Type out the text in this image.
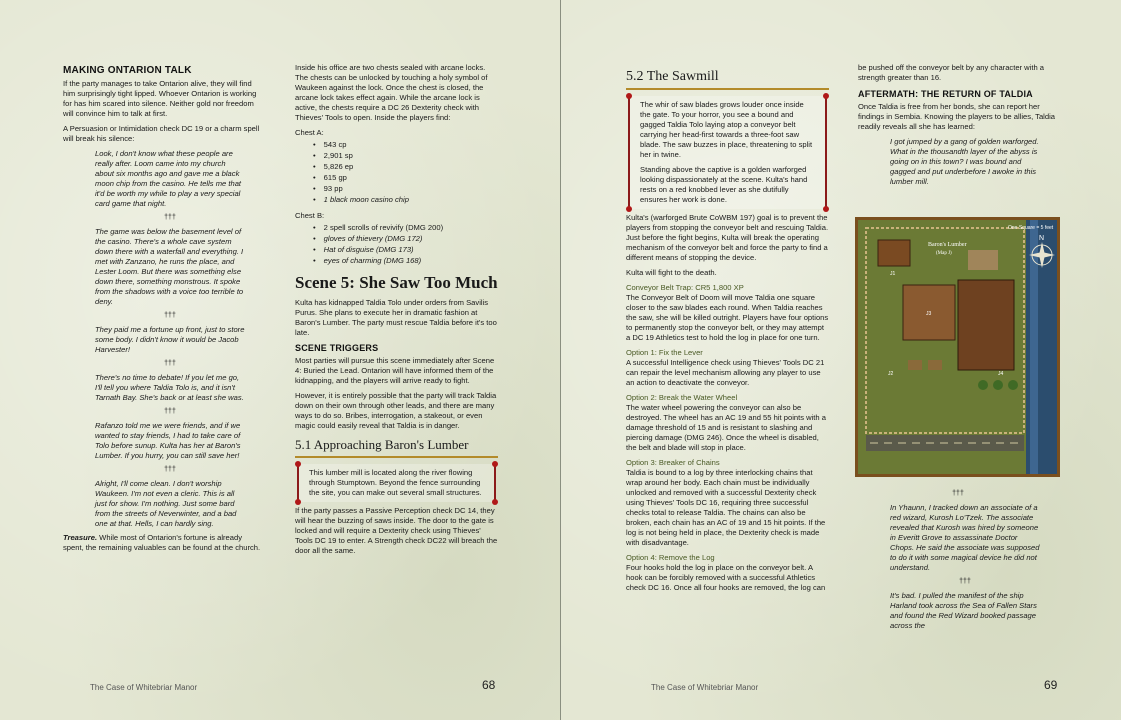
MAKING ONTARION TALK

If the party manages to take Ontarion alive, they will find him surprisingly tight lipped. Whoever Ontarion is working for has him scared into silence. Neither gold nor freedom will convince him to talk at first.

A Persuasion or Intimidation check DC 19 or a charm spell will break his silence:

Look, I don't know what these people are really after. Loom came into my church about six months ago and gave me a black moon chip from the casino. He tells me that it'd be worth my while to play a very special card game that night.

†††

The game was below the basement level of the casino. There's a whole cave system down there with a waterfall and everything. I met with Zanzano, he runs the place, and Lester Loom. But there was something else down there, something monstrous. It spoke from the shadows with a voice too terrible to deny.

†††

They paid me a fortune up front, just to store some body. I didn't know it would be Jacob Harvester!

†††

There's no time to debate! If you let me go, I'll tell you where Taldia Tolo is, and it isn't Tarnath Bay. She's back or at least she was.

†††

Rafanzo told me we were friends, and if we wanted to stay friends, I had to take care of Tolo before sunup. Kulta has her at Baron's Lumber. If you hurry, you can still save her!

†††

Alright, I'll come clean. I don't worship Waukeen. I'm not even a cleric. This is all just for show. I'm nothing. Just some bard from the streets of Neverwinter, and a bad one at that. Hells, I can hardly sing.

Treasure. While most of Ontarion's fortune is already spent, the remaining valuables can be found at the church.

Inside his office are two chests sealed with arcane locks. The chests can be unlocked by touching a holy symbol of Waukeen against the lock. Once the chest is closed, the arcane lock takes effect again. While the arcane lock is active, the chests require a DC 26 Dexterity check with Thieves' Tools to open. Inside the players find:

Chest A:
• 543 cp
• 2,901 sp
• 5,826 ep
• 615 gp
• 93 pp
• 1 black moon casino chip
Chest B:
• 2 spell scrolls of revivify (DMG 200)
• gloves of thievery (DMG 172)
• Hat of disguise (DMG 173)
• eyes of charming (DMG 168)
Scene 5: She Saw Too Much

Kulta has kidnapped Taldia Tolo under orders from Savilis Purus. She plans to execute her in dramatic fashion at Baron's Lumber. The party must rescue Taldia before it's too late.

SCENE TRIGGERS

Most parties will pursue this scene immediately after Scene 4: Buried the Lead. Ontarion will have informed them of the kidnapping, and the players will arrive ready to fight.

However, it is entirely possible that the party will track Taldia down on their own through other leads, and there are many ways to do so. Bribes, interrogation, a stakeout, or even magic could easily reveal that Taldia is in danger.

5.1 Approaching Baron's Lumber

This lumber mill is located along the river flowing through Stumptown. Beyond the fence surrounding the site, you can make out several small structures.

If the party passes a Passive Perception check DC 14, they will hear the buzzing of saws inside. The door to the gate is locked and will require a Dexterity check using Thieves' Tools DC 19 to enter. A Strength check DC22 will breach the door all the same.

The Case of Whitebriar Manor	68
5.2 The Sawmill

The whir of saw blades grows louder once inside the gate. To your horror, you see a bound and gagged Taldia Tolo laying atop a conveyor belt carrying her head-first towards a three-foot saw blade. The saw buzzes in place, threatening to split her in twine.

Standing above the captive is a golden warforged looking dispassionately at the scene. Kulta's hand rests on a red knobbed lever as she dutifully ensures her work is done.

Kulta's (warforged Brute CoWBM 197) goal is to prevent the players from stopping the conveyor belt and rescuing Taldia. Just before the fight begins, Kulta will break the operating mechanism of the conveyor belt and force the party to find a different means of stopping the device.

Kulta will fight to the death.

Conveyor Belt Trap: CR5 1,800 XP

The Conveyor Belt of Doom will move Taldia one square closer to the saw blades each round. When Taldia reaches the saw, she will be killed outright. Players have four options to permanently stop the conveyor belt, or they may attempt a DC 19 Athletics test to hold the log in place for one turn.

Option 1: Fix the Lever

A successful Intelligence check using Thieves' Tools DC 21 can repair the level mechanism allowing any player to use an action to deactivate the conveyor.

Option 2: Break the Water Wheel

The water wheel powering the conveyor can also be destroyed. The wheel has an AC 19 and 55 hit points with a damage threshold of 15 and is resistant to slashing and piercing damage (DMG 246). Once the wheel is disabled, the belt and blade will stop in place.

Option 3: Breaker of Chains

Taldia is bound to a log by three interlocking chains that wrap around her body. Each chain must be individually unlocked and removed with a successful Dexterity check using Thieves' Tools DC 16, requiring three successful checks total to release Taldia. The chains can also be broken, each chain has an AC of 19 and 15 hit points. If the log is not being held in place, the Dexterity check is made with disadvantage.

Option 4: Remove the Log

Four hooks hold the log in place on the conveyor belt. A hook can be forcibly removed with a successful Athletics check DC 16. Once all four hooks are removed, the log can

be pushed off the conveyor belt by any character with a strength greater than 16.

AFTERMATH: THE RETURN OF TALDIA

Once Taldia is free from her bonds, she can report her findings in Sembia. Knowing the players to be allies, Taldia readily reveals all she has learned:

I got jumped by a gang of golden warforged. What in the thousandth layer of the abyss is going on in this town? I was bound and gagged and put underbefore I awoke in this lumber mill.

N
One Square = 5 feet
Baron's Lumber
(Map J)
J1
J2
J3
J4
†††

In Yhaunn, I tracked down an associate of a red wizard, Kurosh Lo'Tzek. The associate revealed that Kurosh was hired by someone in Everitt Grove to assassinate Doctor Chops. He said the associate was supposed to do it with some magical device he did not understand.

†††

It's bad. I pulled the manifest of the ship Harland took across the Sea of Fallen Stars and found the Red Wizard booked passage across the

The Case of Whitebriar Manor	69
